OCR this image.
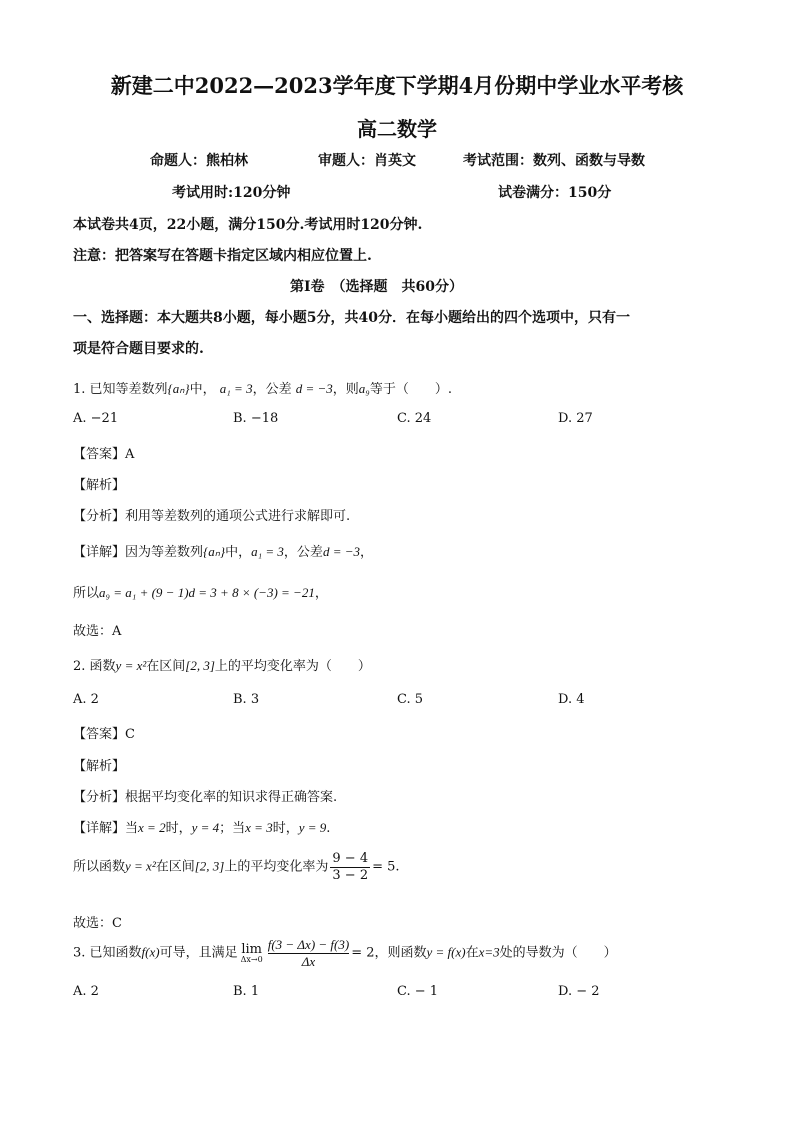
新建二中2022—2023学年度下学期4月份期中学业水平考核
高二数学
命题人：熊柏林	审题人：肖英文	考试范围：数列、函数与导数
考试用时:120分钟	试卷满分：150分
本试卷共4页，22小题，满分150分.考试用时120分钟.
注意：把答案写在答题卡指定区域内相应位置上.
第I卷　（选择题　共60分）
一、选择题：本大题共8小题，每小题5分，共40分．在每小题给出的四个选项中，只有一
项是符合题目要求的.
1. 已知等差数列{aₙ}中， a₁ = 3，公差 d = −3，则a₉等于（　　）.
A. −21	B. −18	C. 24	D. 27
【答案】A
【解析】
【分析】利用等差数列的通项公式进行求解即可.
【详解】因为等差数列{aₙ}中，a₁ = 3，公差d = −3，
所以a₉ = a₁ + (9 − 1)d = 3 + 8 × (−3) = −21，
故选：A
2. 函数y = x²在区间[2, 3]上的平均变化率为（　　）
A. 2	B. 3	C. 5	D. 4
【答案】C
【解析】
【分析】根据平均变化率的知识求得正确答案.
【详解】当x = 2时，y = 4；当x = 3时，y = 9.
所以函数y = x²在区间[2, 3]上的平均变化率为 $\frac{9 - 4}{3 - 2} = 5$.
故选：C
3. 已知函数f(x)可导，且满足 lim
$\Delta x\to 0 \frac{f(3 - \Delta x) - f(3)}{\Delta x} = 2$，则函数y = f(x)在x=3处的导数为（　　）
A. 2	B. 1	C. − 1	D. − 2
